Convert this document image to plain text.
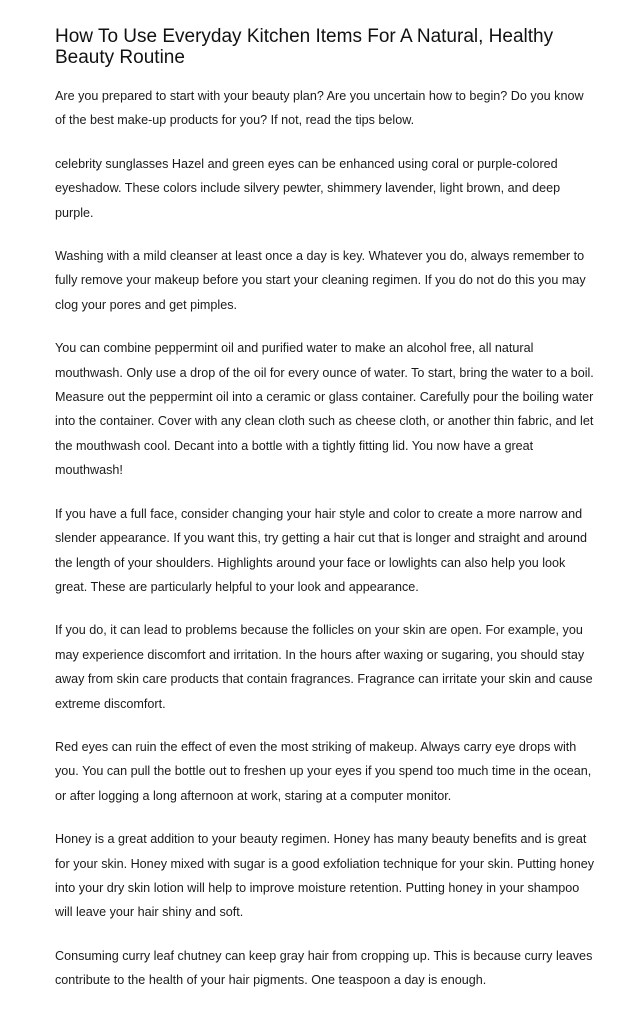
How To Use Everyday Kitchen Items For A Natural, Healthy Beauty Routine

Are you prepared to start with your beauty plan? Are you uncertain how to begin? Do you know of the best make-up products for you? If not, read the tips below.

celebrity sunglasses Hazel and green eyes can be enhanced using coral or purple-colored eyeshadow. These colors include silvery pewter, shimmery lavender, light brown, and deep purple.

Washing with a mild cleanser at least once a day is key. Whatever you do, always remember to fully remove your makeup before you start your cleaning regimen. If you do not do this you may clog your pores and get pimples.

You can combine peppermint oil and purified water to make an alcohol free, all natural mouthwash. Only use a drop of the oil for every ounce of water. To start, bring the water to a boil. Measure out the peppermint oil into a ceramic or glass container. Carefully pour the boiling water into the container. Cover with any clean cloth such as cheese cloth, or another thin fabric, and let the mouthwash cool. Decant into a bottle with a tightly fitting lid. You now have a great mouthwash!

If you have a full face, consider changing your hair style and color to create a more narrow and slender appearance. If you want this, try getting a hair cut that is longer and straight and around the length of your shoulders. Highlights around your face or lowlights can also help you look great. These are particularly helpful to your look and appearance.

If you do, it can lead to problems because the follicles on your skin are open. For example, you may experience discomfort and irritation. In the hours after waxing or sugaring, you should stay away from skin care products that contain fragrances. Fragrance can irritate your skin and cause extreme discomfort.

Red eyes can ruin the effect of even the most striking of makeup. Always carry eye drops with you. You can pull the bottle out to freshen up your eyes if you spend too much time in the ocean, or after logging a long afternoon at work, staring at a computer monitor.

Honey is a great addition to your beauty regimen. Honey has many beauty benefits and is great for your skin. Honey mixed with sugar is a good exfoliation technique for your skin. Putting honey into your dry skin lotion will help to improve moisture retention. Putting honey in your shampoo will leave your hair shiny and soft.

Consuming curry leaf chutney can keep gray hair from cropping up. This is because curry leaves contribute to the health of your hair pigments. One teaspoon a day is enough.
